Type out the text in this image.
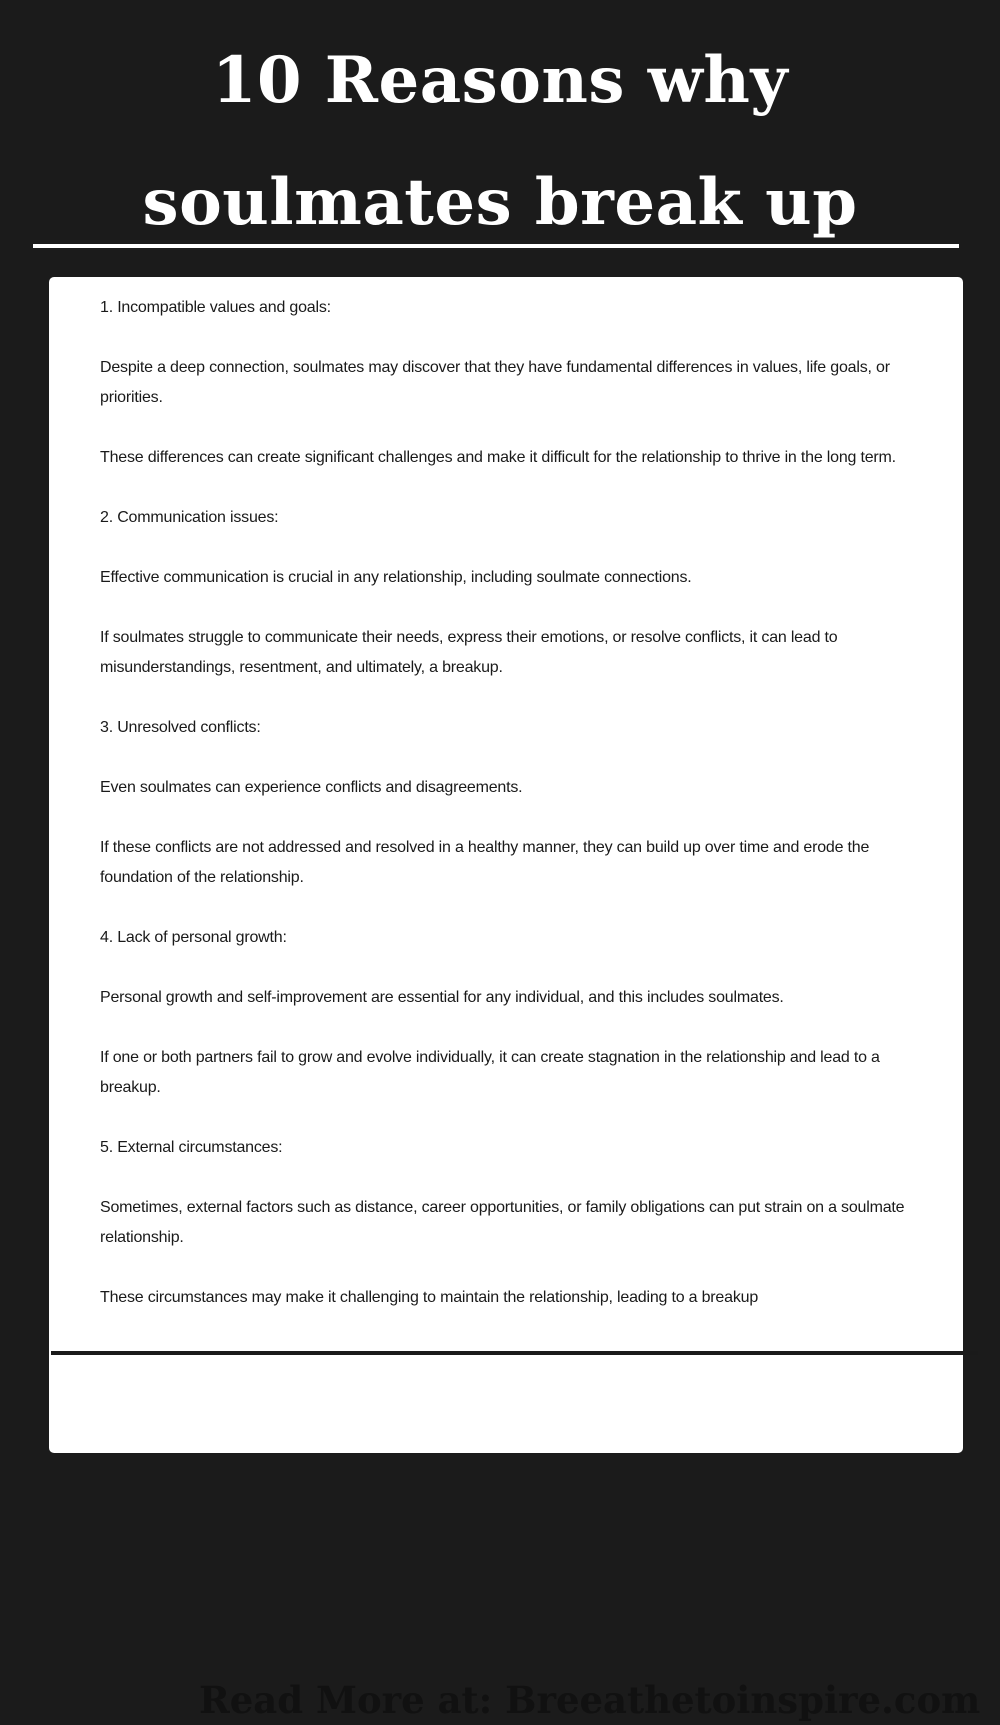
10 Reasons why
soulmates break up

1. Incompatible values and goals:

Despite a deep connection, soulmates may discover that they have fundamental differences in values, life goals, or priorities.

These differences can create significant challenges and make it difficult for the relationship to thrive in the long term.

2. Communication issues:

Effective communication is crucial in any relationship, including soulmate connections.

If soulmates struggle to communicate their needs, express their emotions, or resolve conflicts, it can lead to misunderstandings, resentment, and ultimately, a breakup.

3. Unresolved conflicts:

Even soulmates can experience conflicts and disagreements.

If these conflicts are not addressed and resolved in a healthy manner, they can build up over time and erode the foundation of the relationship.

4. Lack of personal growth:

Personal growth and self-improvement are essential for any individual, and this includes soulmates.

If one or both partners fail to grow and evolve individually, it can create stagnation in the relationship and lead to a breakup.

5. External circumstances:

Sometimes, external factors such as distance, career opportunities, or family obligations can put strain on a soulmate relationship.

These circumstances may make it challenging to maintain the relationship, leading to a breakup

Read More at: Breeathetoinspire.com
